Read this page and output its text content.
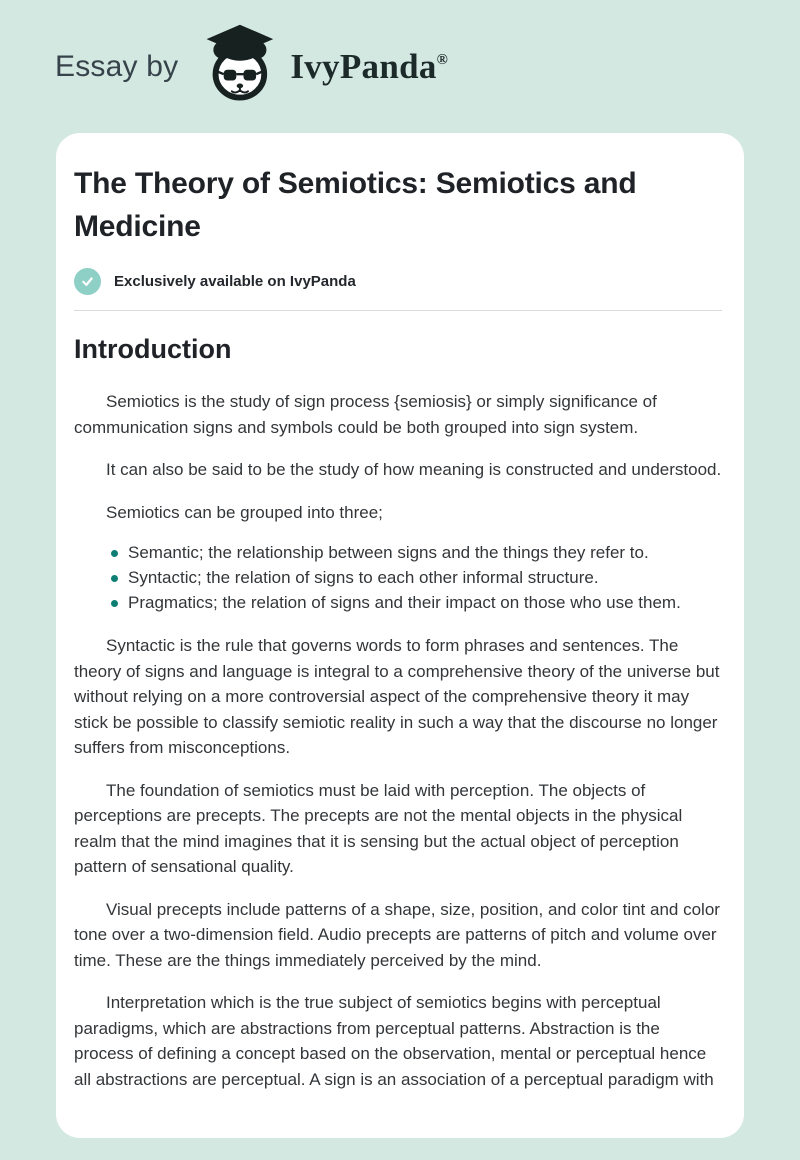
Essay by	IvyPanda®
The Theory of Semiotics: Semiotics and Medicine
Exclusively available on IvyPanda
Introduction

Semiotics is the study of sign process {semiosis} or simply significance of communication signs and symbols could be both grouped into sign system.

It can also be said to be the study of how meaning is constructed and understood.

Semiotics can be grouped into three;

Semantic; the relationship between signs and the things they refer to.
Syntactic; the relation of signs to each other informal structure.
Pragmatics; the relation of signs and their impact on those who use them.

Syntactic is the rule that governs words to form phrases and sentences. The theory of signs and language is integral to a comprehensive theory of the universe but without relying on a more controversial aspect of the comprehensive theory it may stick be possible to classify semiotic reality in such a way that the discourse no longer suffers from misconceptions.

The foundation of semiotics must be laid with perception. The objects of perceptions are precepts. The precepts are not the mental objects in the physical realm that the mind imagines that it is sensing but the actual object of perception pattern of sensational quality.

Visual precepts include patterns of a shape, size, position, and color tint and color tone over a two-dimension field. Audio precepts are patterns of pitch and volume over time. These are the things immediately perceived by the mind.

Interpretation which is the true subject of semiotics begins with perceptual paradigms, which are abstractions from perceptual patterns. Abstraction is the process of defining a concept based on the observation, mental or perceptual hence all abstractions are perceptual. A sign is an association of a perceptual paradigm with
